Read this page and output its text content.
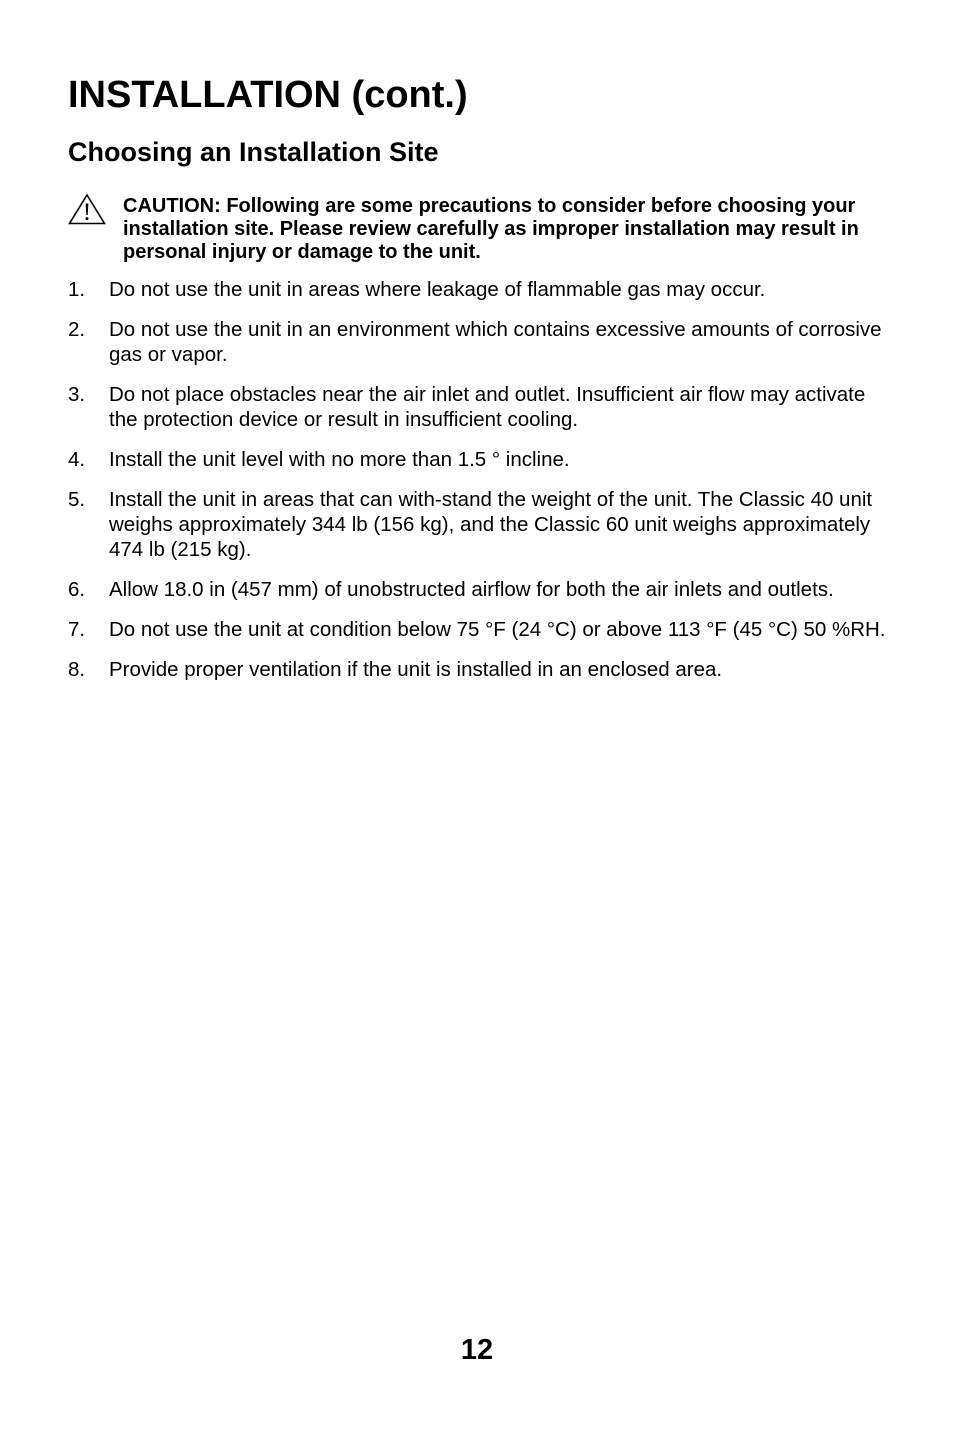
INSTALLATION (cont.)
Choosing an Installation Site
CAUTION: Following are some precautions to consider before choosing your installation site. Please review carefully as improper installation may result in personal injury or damage to the unit.
1. Do not use the unit in areas where leakage of flammable gas may occur.
2. Do not use the unit in an environment which contains excessive amounts of corrosive gas or vapor.
3. Do not place obstacles near the air inlet and outlet. Insufficient air flow may activate the protection device or result in insufficient cooling.
4. Install the unit level with no more than 1.5 ° incline.
5. Install the unit in areas that can with-stand the weight of the unit. The Classic 40 unit weighs approximately 344 lb (156 kg), and the Classic 60 unit weighs approximately 474 lb (215 kg).
6. Allow 18.0 in (457 mm) of unobstructed airflow for both the air inlets and outlets.
7. Do not use the unit at condition below 75 °F (24 °C) or above 113 °F (45 °C) 50 %RH.
8. Provide proper ventilation if the unit is installed in an enclosed area.
12
